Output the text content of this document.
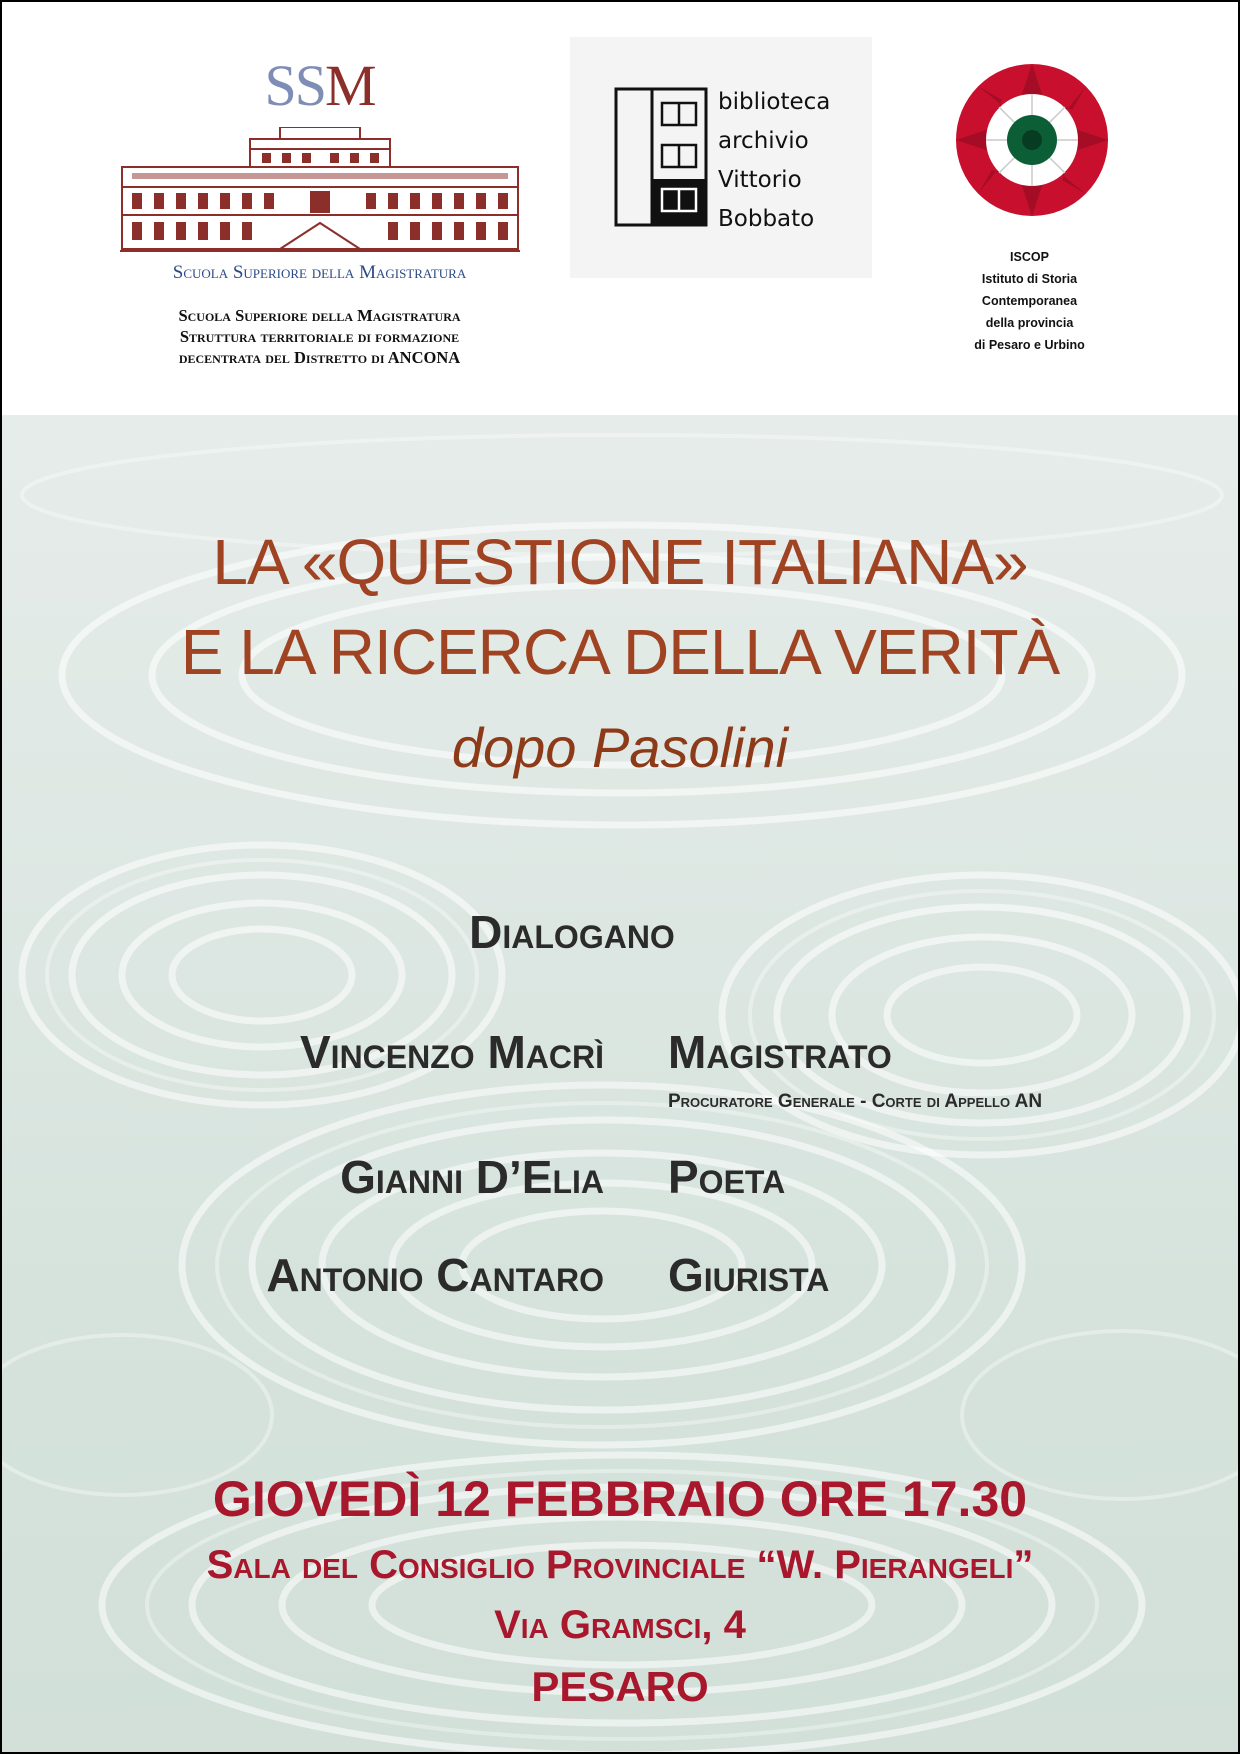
SSM
Scuola Superiore della Magistratura
Scuola Superiore della Magistratura
Struttura territoriale di formazione
decentrata del Distretto di ANCONA
biblioteca
archivio
Vittorio
Bobbato
ISCOP
Istituto di Storia
Contemporanea
della provincia
di Pesaro e Urbino
LA «QUESTIONE ITALIANA»
E LA RICERCA DELLA VERITÀ
dopo Pasolini
Dialogano
Vincenzo Macrì Magistrato
Procuratore Generale - Corte di Appello AN
Gianni D’Elia Poeta
Antonio Cantaro Giurista
GIOVEDÌ 12 FEBBRAIO ORE 17.30
Sala del Consiglio Provinciale “W. Pierangeli”
Via Gramsci, 4
PESARO
